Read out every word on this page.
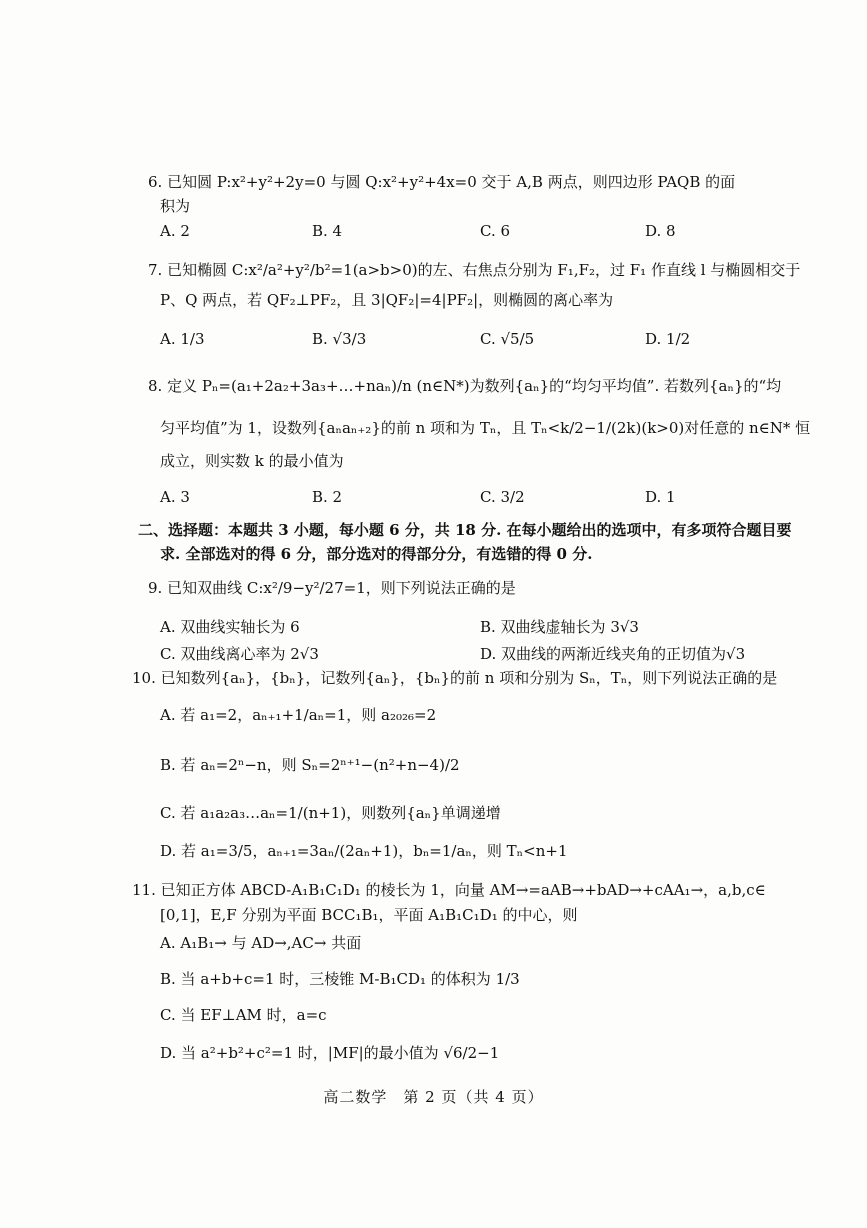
6. 已知圆 P:x²+y²+2y=0 与圆 Q:x²+y²+4x=0 交于 A,B 两点，则四边形 PAQB 的面
积为
A. 2	B. 4	C. 6	D. 8
7. 已知椭圆 C:x²/a²+y²/b²=1(a>b>0)的左、右焦点分别为 F₁,F₂，过 F₁ 作直线 l 与椭圆相交于
P、Q 两点，若 QF₂⊥PF₂，且 3|QF₂|=4|PF₂|，则椭圆的离心率为
A. 1/3	B. √3/3	C. √5/5	D. 1/2
8. 定义 Pₙ=(a₁+2a₂+3a₃+…+naₙ)/n (n∈N*)为数列{aₙ}的“均匀平均值”. 若数列{aₙ}的“均
匀平均值”为 1，设数列{aₙaₙ₊₂}的前 n 项和为 Tₙ，且 Tₙ<k/2−1/(2k)(k>0)对任意的 n∈N* 恒
成立，则实数 k 的最小值为
A. 3	B. 2	C. 3/2	D. 1
二、选择题：本题共 3 小题，每小题 6 分，共 18 分. 在每小题给出的选项中，有多项符合题目要
求. 全部选对的得 6 分，部分选对的得部分分，有选错的得 0 分.
9. 已知双曲线 C:x²/9−y²/27=1，则下列说法正确的是
A. 双曲线实轴长为 6	B. 双曲线虚轴长为 3√3
C. 双曲线离心率为 2√3	D. 双曲线的两渐近线夹角的正切值为√3
10. 已知数列{aₙ}，{bₙ}，记数列{aₙ}，{bₙ}的前 n 项和分别为 Sₙ，Tₙ，则下列说法正确的是
A. 若 a₁=2，aₙ₊₁+1/aₙ=1，则 a₂₀₂₆=2
B. 若 aₙ=2ⁿ−n，则 Sₙ=2ⁿ⁺¹−(n²+n−4)/2
C. 若 a₁a₂a₃…aₙ=1/(n+1)，则数列{aₙ}单调递增
D. 若 a₁=3/5，aₙ₊₁=3aₙ/(2aₙ+1)，bₙ=1/aₙ，则 Tₙ<n+1
11. 已知正方体 ABCD-A₁B₁C₁D₁ 的棱长为 1，向量 AM→=aAB→+bAD→+cAA₁→，a,b,c∈
[0,1]，E,F 分别为平面 BCC₁B₁，平面 A₁B₁C₁D₁ 的中心，则
A. A₁B₁→ 与 AD→,AC→ 共面
B. 当 a+b+c=1 时，三棱锥 M-B₁CD₁ 的体积为 1/3
C. 当 EF⊥AM 时，a=c
D. 当 a²+b²+c²=1 时，|MF|的最小值为 √6/2−1
高二数学　第 2 页（共 4 页）
